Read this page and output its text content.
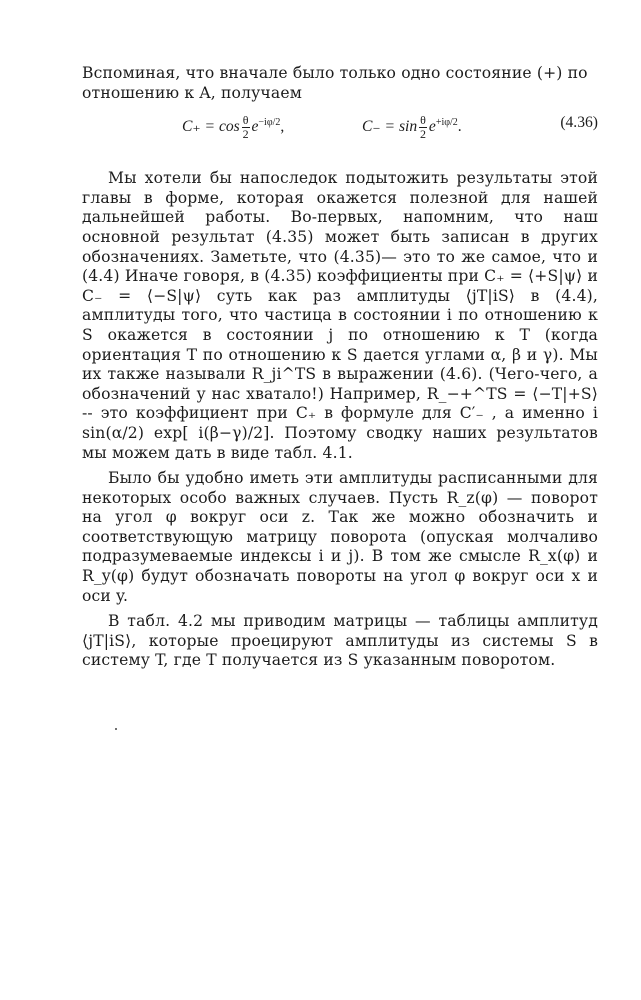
Вспоминая, что вначале было только одно состояние (+) по
отношению к A, получаем

$C_+ = \cos \frac{\theta}{2} e^{-i\varphi/2}$,	$C_- = \sin \frac{\theta}{2} e^{+i\varphi/2}$.	(4.36)

Мы хотели бы напоследок подытожить результаты этой главы в форме, которая окажется полезной для нашей дальнейшей работы. Во-первых, напомним, что наш основной результат (4.35) может быть записан в других обозначениях. Заметьте, что (4.35)— это то же самое, что и (4.4) Иначе говоря, в (4.35) коэффициенты при C₊ = ⟨+S|ψ⟩ и C₋ = ⟨−S|ψ⟩ суть как раз амплитуды ⟨jT|iS⟩ в (4.4), амплитуды того, что частица в состоянии i по отношению к S окажется в состоянии j по отношению к T (когда ориентация T по отношению к S дается углами α, β и γ). Мы их также называли R_ji^TS в выражении (4.6). (Чего-чего, а обозначений у нас хватало!) Например, R_−+^TS = ⟨−T|+S⟩ -- это коэффициент при C₊ в формуле для C′₋ , а именно i sin(α/2) exp[ i(β−γ)/2]. Поэтому сводку наших результатов мы можем дать в виде табл. 4.1.

Было бы удобно иметь эти амплитуды расписанными для некоторых особо важных случаев. Пусть R_z(φ) — поворот на угол φ вокруг оси z. Так же можно обозначить и соответствующую матрицу поворота (опуская молчаливо подразумеваемые индексы i и j). В том же смысле R_x(φ) и R_y(φ) будут обозначать повороты на угол φ вокруг оси x и оси y.

В табл. 4.2 мы приводим матрицы — таблицы амплитуд ⟨jT|iS⟩, которые проецируют амплитуды из системы S в систему T, где T получается из S указанным поворотом.
